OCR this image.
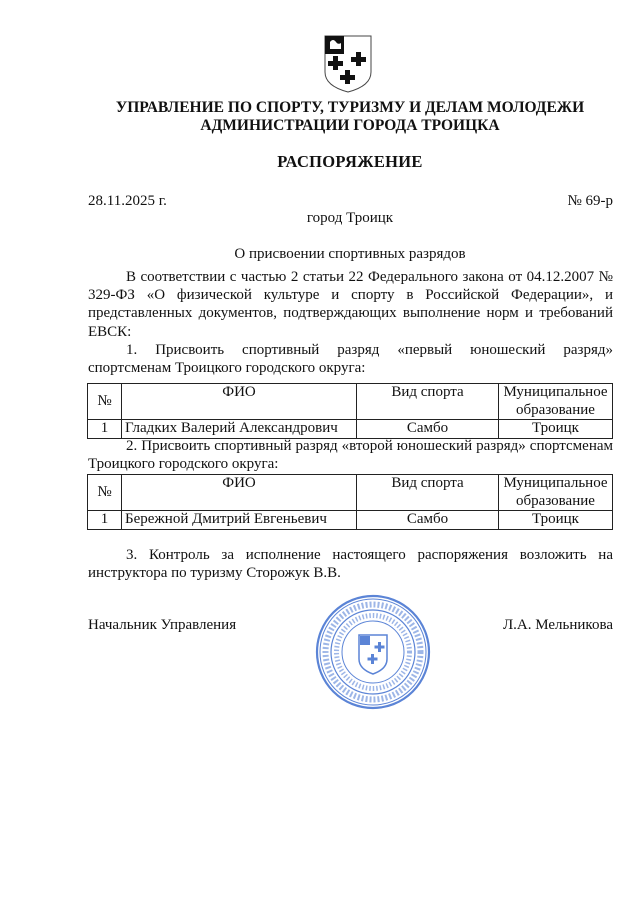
УПРАВЛЕНИЕ ПО СПОРТУ, ТУРИЗМУ И ДЕЛАМ МОЛОДЕЖИ
АДМИНИСТРАЦИИ ГОРОДА ТРОИЦКА
РАСПОРЯЖЕНИЕ
28.11.2025 г.	№ 69-р
город Троицк
О присвоении спортивных разрядов
В соответствии с частью 2 статьи 22 Федерального закона от 04.12.2007 № 329-ФЗ «О физической культуре и спорту в Российской Федерации», и представленных документов, подтверждающих выполнение норм и требований ЕВСК:
1. Присвоить спортивный разряд «первый юношеский разряд» спортсменам Троицкого городского округа:
№	ФИО	Вид спорта	Муниципальное образование
1	Гладких Валерий Александрович	Самбо	Троицк
2. Присвоить спортивный разряд «второй юношеский разряд» спортсменам Троицкого городского округа:
№	ФИО	Вид спорта	Муниципальное образование
1	Бережной Дмитрий Евгеньевич	Самбо	Троицк
3. Контроль за исполнение настоящего распоряжения возложить на инструктора по туризму Сторожук В.В.
Начальник Управления	Л.А. Мельникова
